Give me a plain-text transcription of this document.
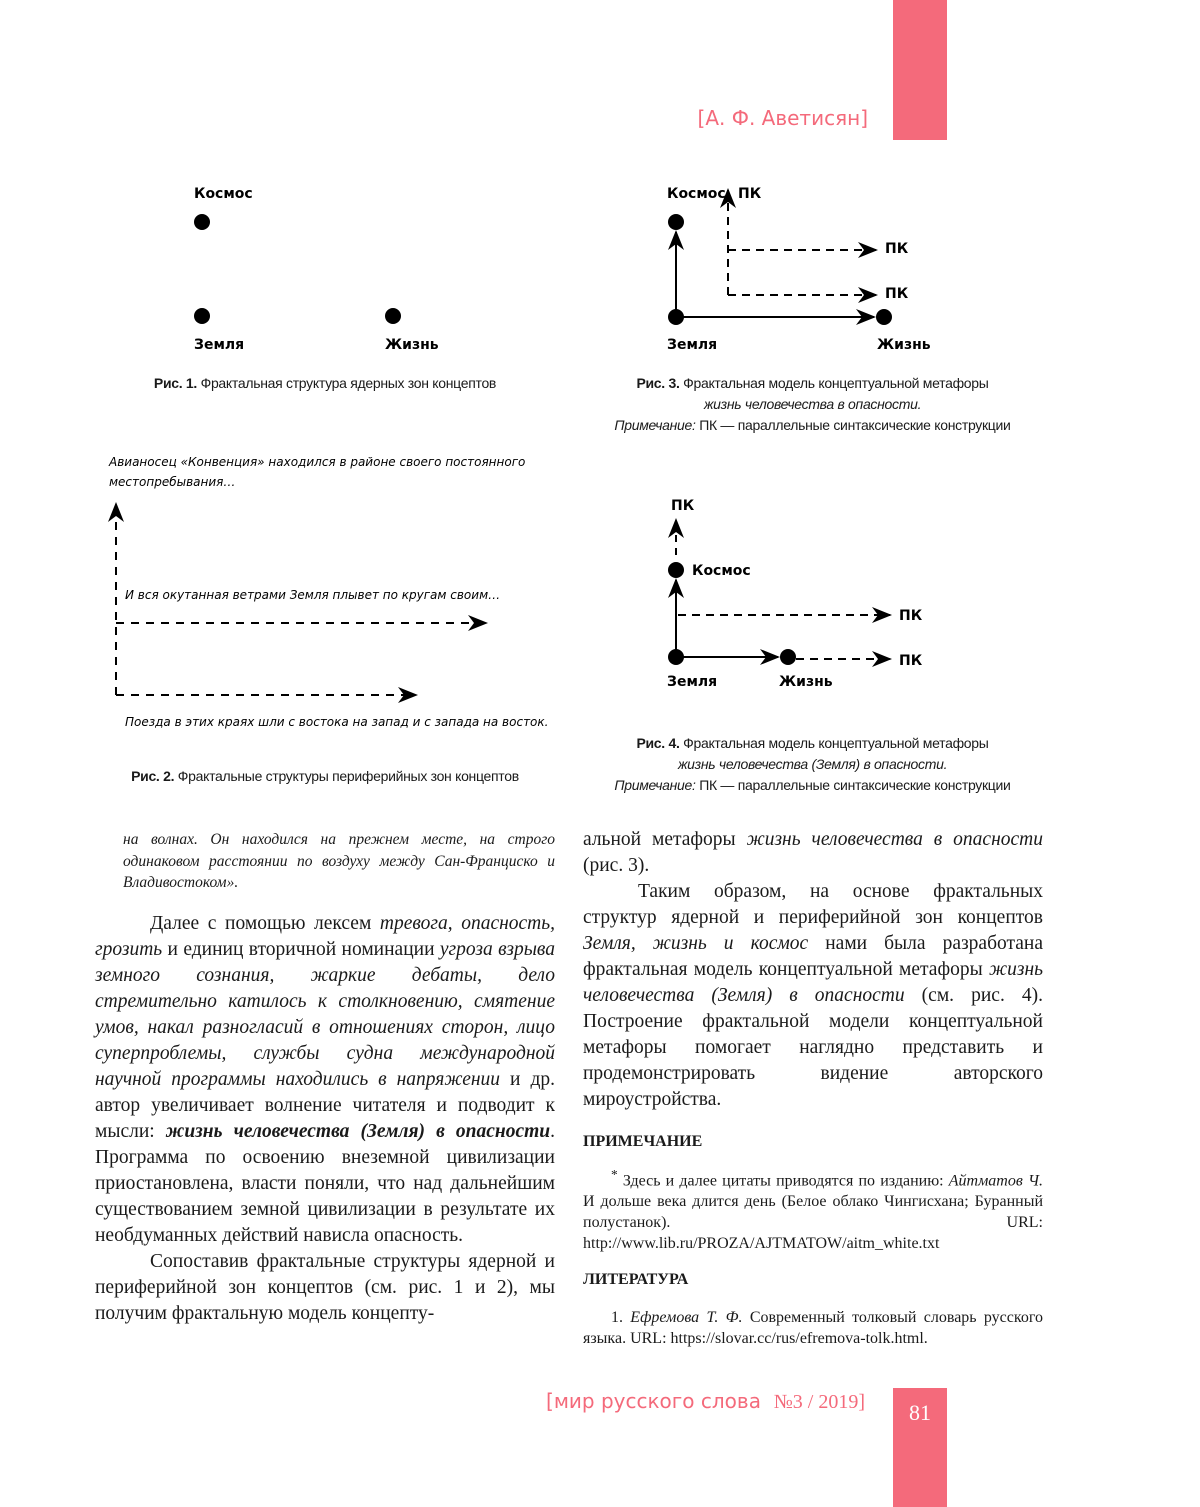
[А. Ф. Аветисян]
Космос
Земля	Жизнь
Космос ПК
ПК
ПК
Земля	Жизнь
Авианосец «Конвенция» находился в районе своего постоянного
местопребывания…
И вся окутанная ветрами Земля плывет по кругам своим…
Поезда в этих краях шли с востока на запад и с запада на восток.
ПК
Космос
ПК
ПК
Земля	Жизнь
Рис. 1. Фрактальная структура ядерных зон концептов	Рис. 3. Фрактальная модель концептуальной метафоры
жизнь человечества в опасности.
Примечание: ПК — параллельные синтаксические конструкции
Рис. 2. Фрактальные структуры периферийных зон концептов
Рис. 4. Фрактальная модель концептуальной метафоры
жизнь человечества (Земля) в опасности.
Примечание: ПК — параллельные синтаксические конструкции
на волнах. Он находился на прежнем месте, на строго одинаковом расстоянии по воздуху между Сан-Франциско и Владивостоком».

Далее с помощью лексем тревога, опасность, грозить и единиц вторичной номинации угроза взрыва земного сознания, жаркие дебаты, дело стремительно катилось к столкновению, смятение умов, накал разногласий в отношениях сторон, лицо суперпроблемы, службы судна международной научной программы находились в напряжении и др. автор увеличивает волнение читателя и подводит к мысли: жизнь человечества (Земля) в опасности. Программа по освоению внеземной цивилизации приостановлена, власти поняли, что над дальнейшим существованием земной цивилизации в результате их необдуманных действий нависла опасность.

Сопоставив фрактальные структуры ядерной и периферийной зон концептов (см. рис. 1 и 2), мы получим фрактальную модель концепту-

альной метафоры жизнь человечества в опасности (рис. 3).

Таким образом, на основе фрактальных структур ядерной и периферийной зон концептов Земля, жизнь и космос нами была разработана фрактальная модель концептуальной метафоры жизнь человечества (Земля) в опасности (см. рис. 4). Построение фрактальной модели концептуальной метафоры помогает наглядно представить и продемонстрировать видение авторского мироустройства.

ПРИМЕЧАНИЕ
* Здесь и далее цитаты приводятся по изданию: Айтматов Ч. И дольше века длится день (Белое облако Чингисхана; Буранный полустанок). URL: http://www.lib.ru/PROZA/AJTMATOW/aitm_white.txt
ЛИТЕРАТУРА
1. Ефремова Т. Ф. Современный толковый словарь русского языка. URL: https://slovar.cc/rus/efremova-tolk.html.
[мир русского слова №3 / 2019]	81
